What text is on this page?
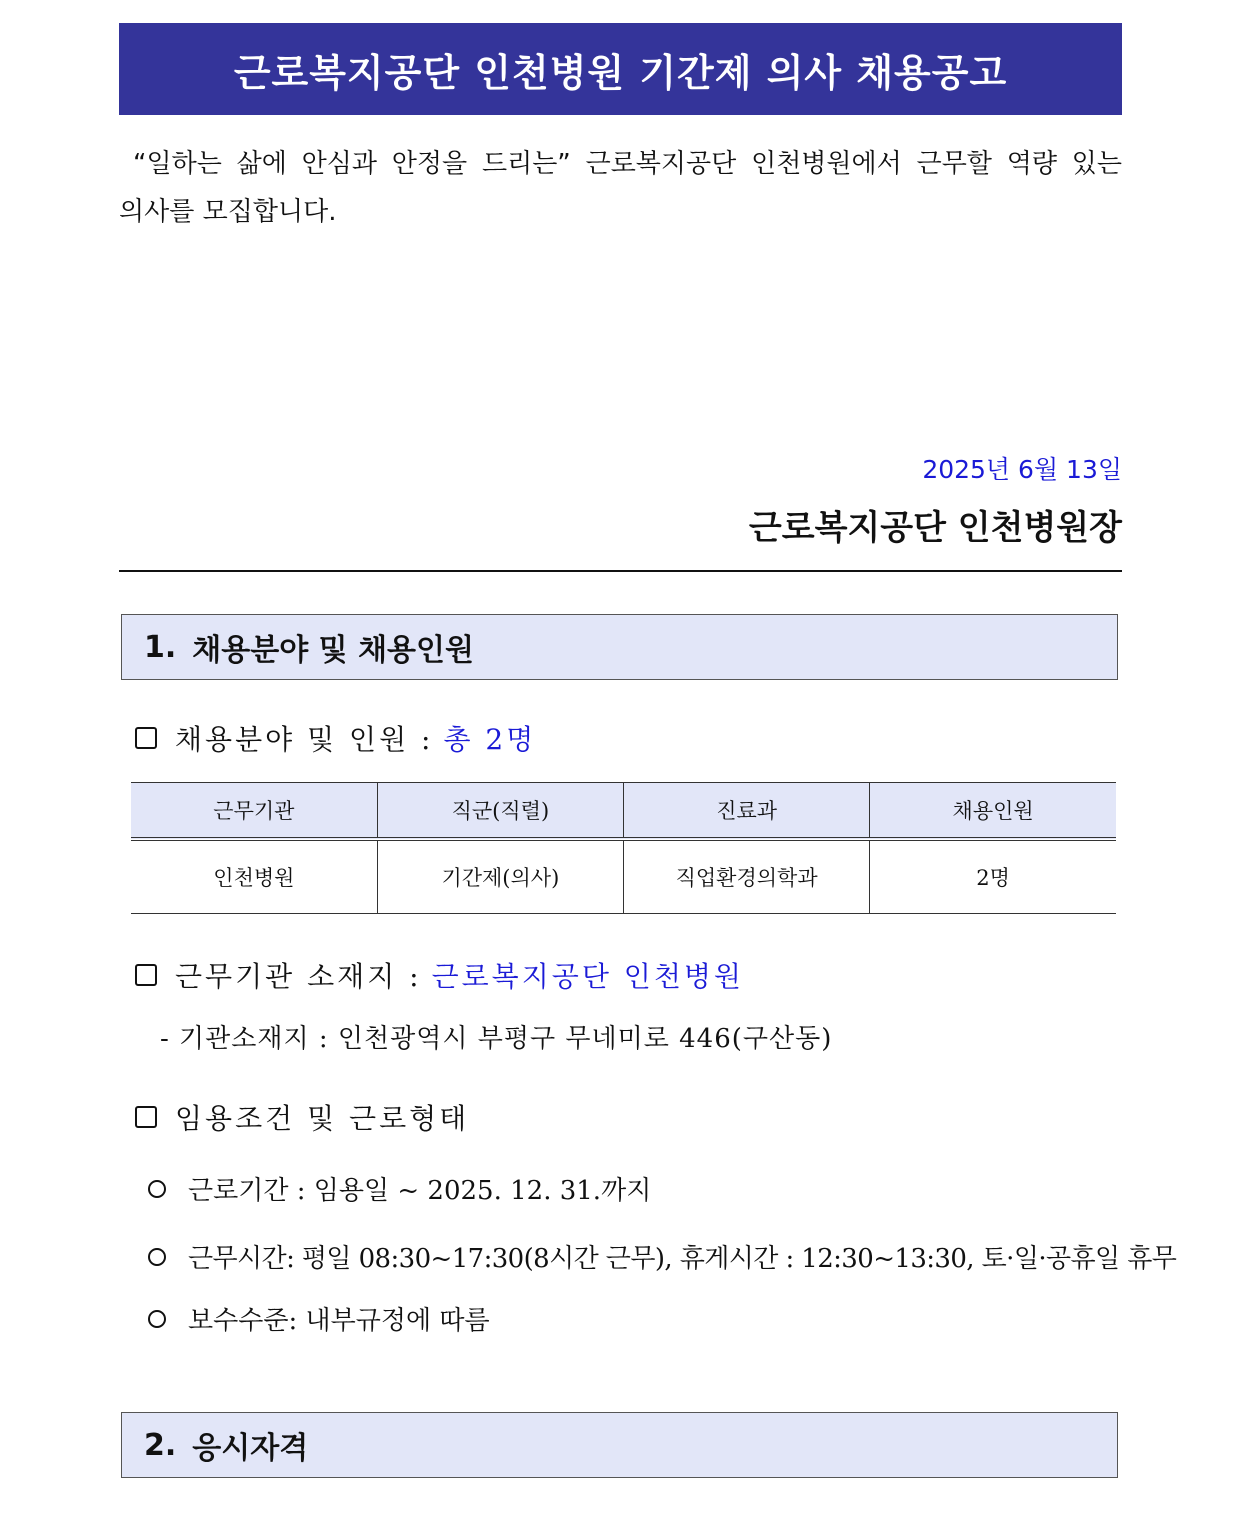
근로복지공단 인천병원 기간제 의사 채용공고
“일하는 삶에 안심과 안정을 드리는” 근로복지공단 인천병원에서 근무할 역량 있는
의사를 모집합니다.
2025년 6월 13일
근로복지공단 인천병원장
1. 채용분야 및 채용인원
채용분야 및 인원 : 총 2명
근무기관	직군(직렬)	진료과	채용인원
인천병원	기간제(의사)	직업환경의학과	2명
근무기관 소재지 : 근로복지공단 인천병원
- 기관소재지 : 인천광역시 부평구 무네미로 446(구산동)
임용조건 및 근로형태
근로기간 : 임용일 ~ 2025. 12. 31.까지
근무시간: 평일 08:30~17:30(8시간 근무), 휴게시간 : 12:30~13:30, 토·일·공휴일 휴무
보수수준: 내부규정에 따름
2. 응시자격
